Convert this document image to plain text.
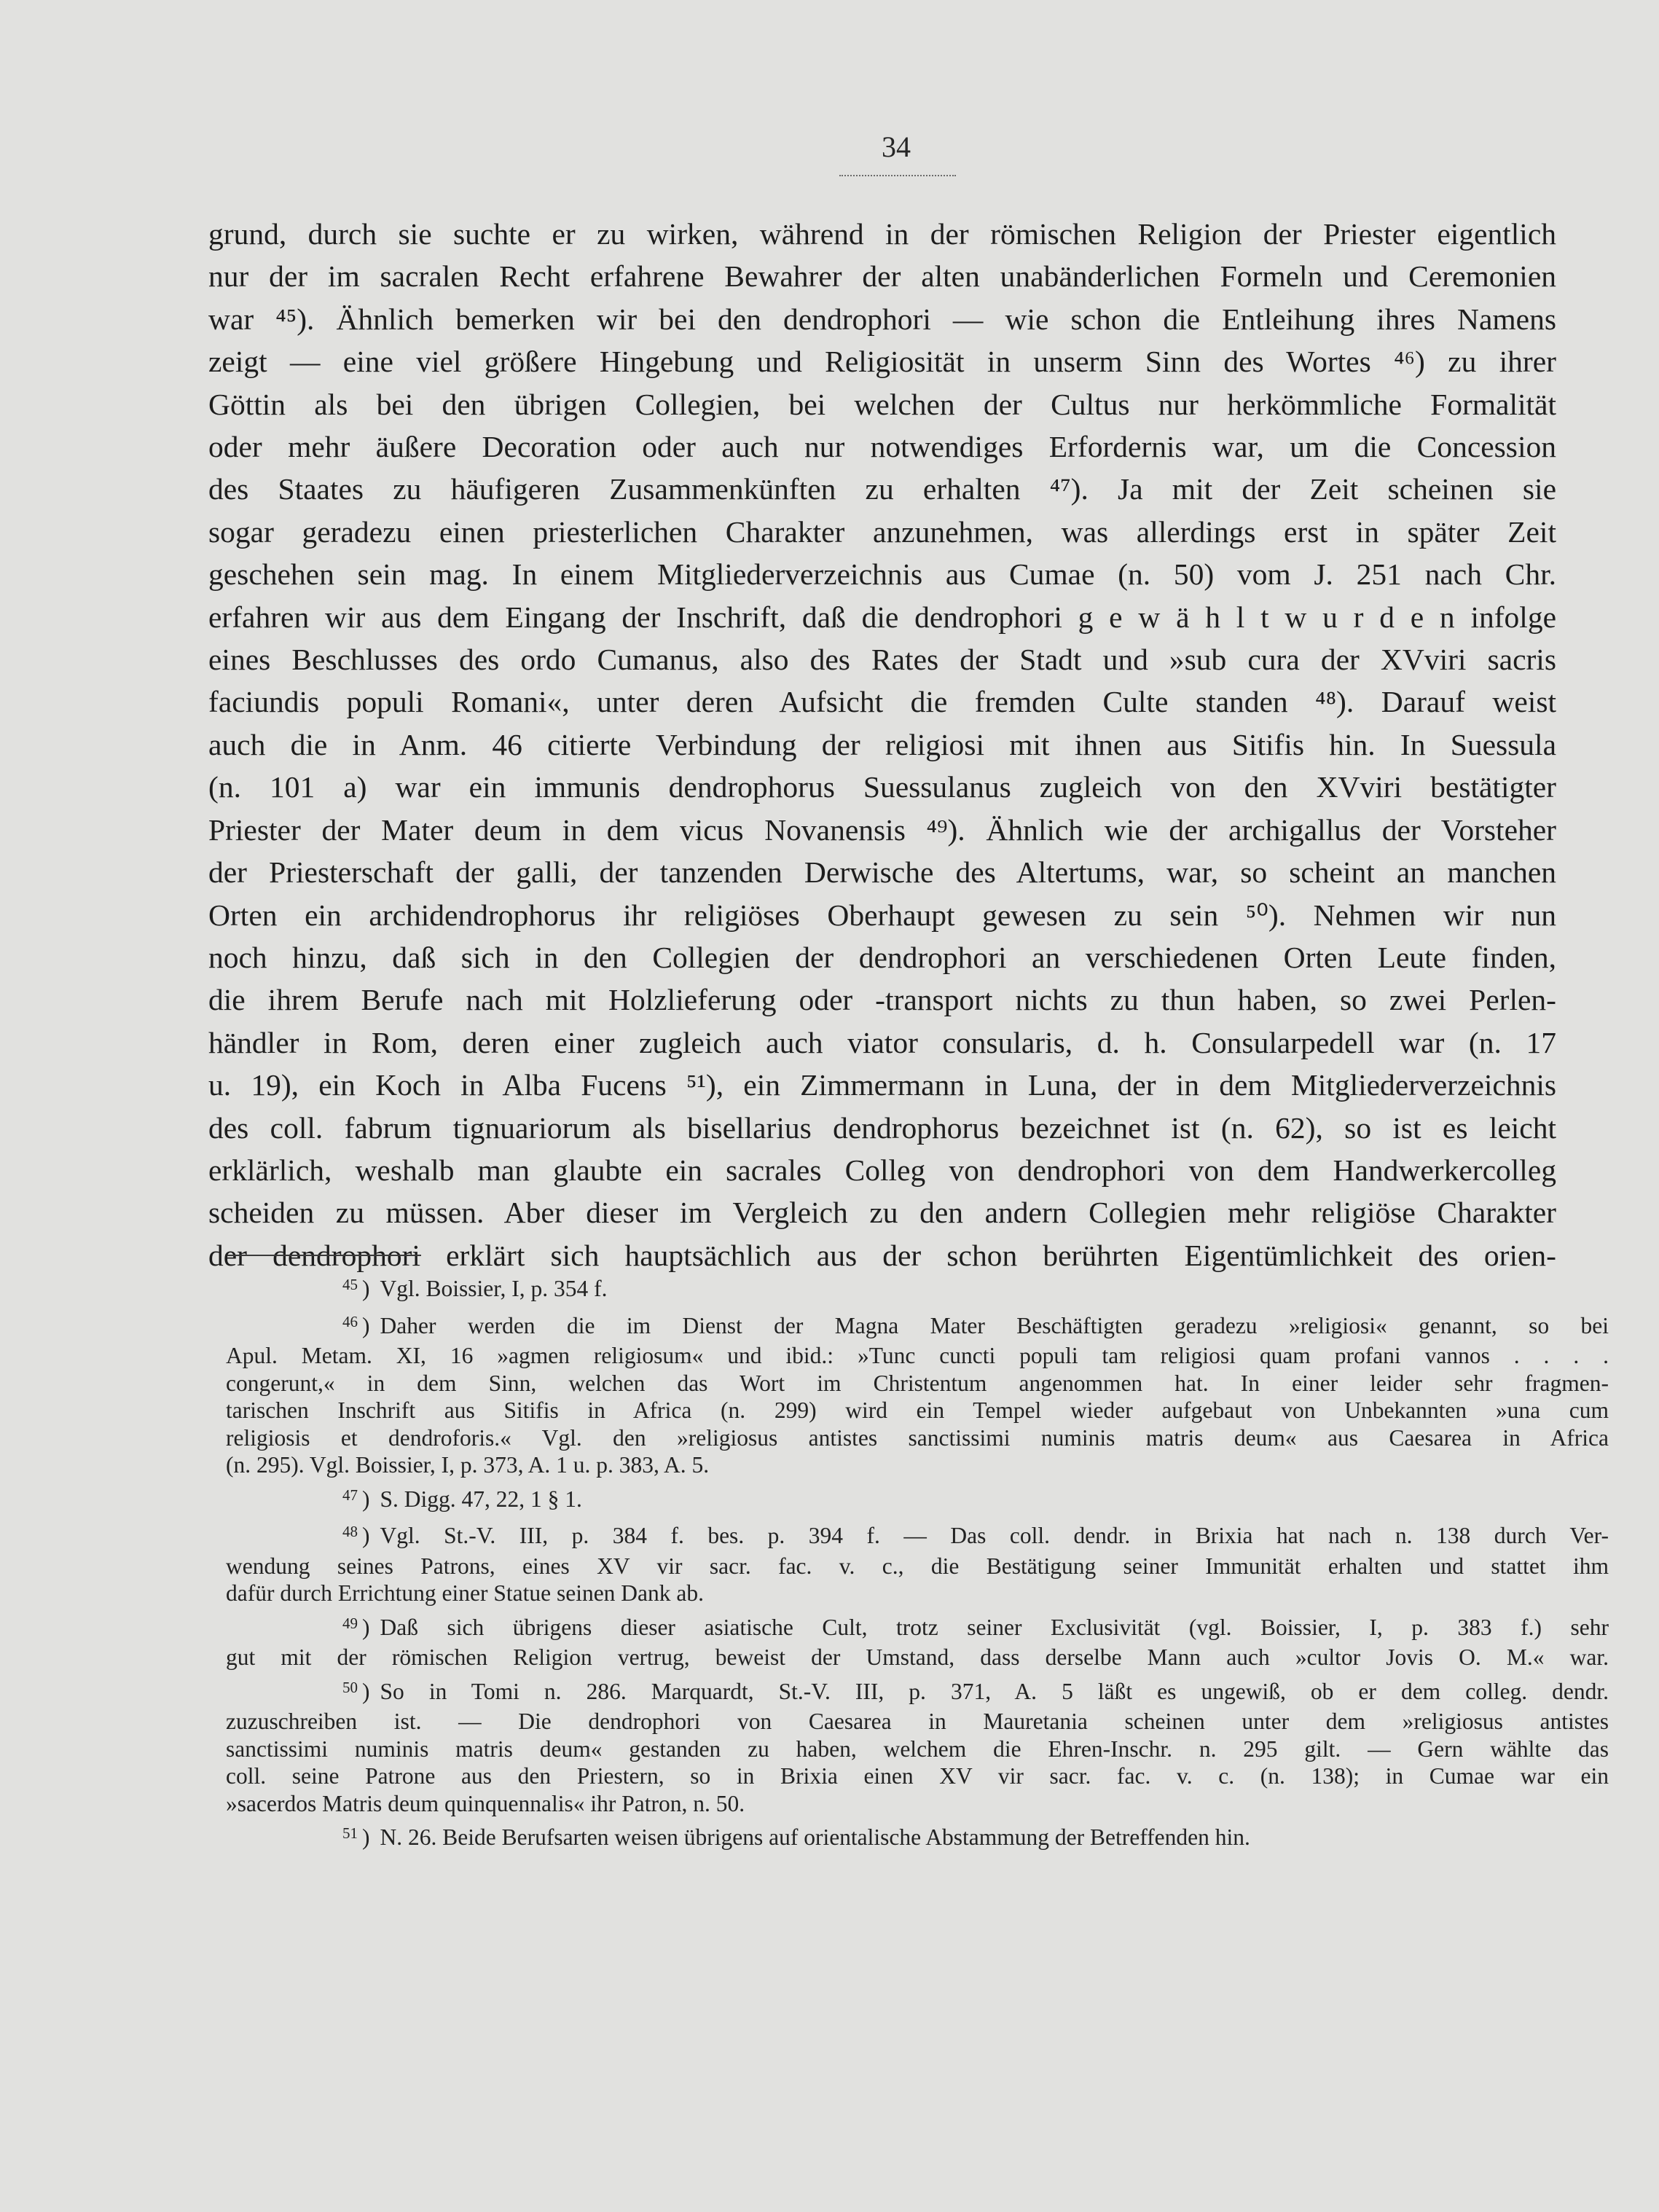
34
grund, durch sie suchte er zu wirken, während in der römischen Religion der Priester eigentlich
nur der im sacralen Recht erfahrene Bewahrer der alten unabänderlichen Formeln und Ceremonien
war ⁴⁵). Ähnlich bemerken wir bei den dendrophori — wie schon die Entleihung ihres Namens
zeigt — eine viel größere Hingebung und Religiosität in unserm Sinn des Wortes ⁴⁶) zu ihrer
Göttin als bei den übrigen Collegien, bei welchen der Cultus nur herkömmliche Formalität
oder mehr äußere Decoration oder auch nur notwendiges Erfordernis war, um die Concession
des Staates zu häufigeren Zusammenkünften zu erhalten ⁴⁷). Ja mit der Zeit scheinen sie
sogar geradezu einen priesterlichen Charakter anzunehmen, was allerdings erst in später Zeit
geschehen sein mag. In einem Mitgliederverzeichnis aus Cumae (n. 50) vom J. 251 nach Chr.
erfahren wir aus dem Eingang der Inschrift, daß die dendrophori g e w ä h l t w u r d e n infolge
eines Beschlusses des ordo Cumanus, also des Rates der Stadt und »sub cura der XVviri sacris
faciundis populi Romani«, unter deren Aufsicht die fremden Culte standen ⁴⁸). Darauf weist
auch die in Anm. 46 citierte Verbindung der religiosi mit ihnen aus Sitifis hin. In Suessula
(n. 101 a) war ein immunis dendrophorus Suessulanus zugleich von den XVviri bestätigter
Priester der Mater deum in dem vicus Novanensis ⁴⁹). Ähnlich wie der archigallus der Vorsteher
der Priesterschaft der galli, der tanzenden Derwische des Altertums, war, so scheint an manchen
Orten ein archidendrophorus ihr religiöses Oberhaupt gewesen zu sein ⁵⁰). Nehmen wir nun
noch hinzu, daß sich in den Collegien der dendrophori an verschiedenen Orten Leute finden,
die ihrem Berufe nach mit Holzlieferung oder -transport nichts zu thun haben, so zwei Perlen-
händler in Rom, deren einer zugleich auch viator consularis, d. h. Consularpedell war (n. 17
u. 19), ein Koch in Alba Fucens ⁵¹), ein Zimmermann in Luna, der in dem Mitgliederverzeichnis
des coll. fabrum tignuariorum als bisellarius dendrophorus bezeichnet ist (n. 62), so ist es leicht
erklärlich, weshalb man glaubte ein sacrales Colleg von dendrophori von dem Handwerkercolleg
scheiden zu müssen. Aber dieser im Vergleich zu den andern Collegien mehr religiöse Charakter
der dendrophori erklärt sich hauptsächlich aus der schon berührten Eigentümlichkeit des orien-
$^{45}$ ) Vgl. Boissier, I, p. 354 f.
$^{46}$ ) Daher werden die im Dienst der Magna Mater Beschäftigten geradezu »religiosi« genannt, so bei
Apul. Metam. XI, 16 »agmen religiosum« und ibid.: »Tunc cuncti populi tam religiosi quam profani vannos . . . .
congerunt,« in dem Sinn, welchen das Wort im Christentum angenommen hat. In einer leider sehr fragmen-
tarischen Inschrift aus Sitifis in Africa (n. 299) wird ein Tempel wieder aufgebaut von Unbekannten »una cum
religiosis et dendroforis.« Vgl. den »religiosus antistes sanctissimi numinis matris deum« aus Caesarea in Africa
(n. 295). Vgl. Boissier, I, p. 373, A. 1 u. p. 383, A. 5.
$^{47}$ ) S. Digg. 47, 22, 1 § 1.
$^{48}$ ) Vgl. St.-V. III, p. 384 f. bes. p. 394 f. — Das coll. dendr. in Brixia hat nach n. 138 durch Ver-
wendung seines Patrons, eines XV vir sacr. fac. v. c., die Bestätigung seiner Immunität erhalten und stattet ihm
dafür durch Errichtung einer Statue seinen Dank ab.
$^{49}$ ) Daß sich übrigens dieser asiatische Cult, trotz seiner Exclusivität (vgl. Boissier, I, p. 383 f.) sehr
gut mit der römischen Religion vertrug, beweist der Umstand, dass derselbe Mann auch »cultor Jovis O. M.« war.
$^{50}$ ) So in Tomi n. 286. Marquardt, St.-V. III, p. 371, A. 5 läßt es ungewiß, ob er dem colleg. dendr.
zuzuschreiben ist. — Die dendrophori von Caesarea in Mauretania scheinen unter dem »religiosus antistes
sanctissimi numinis matris deum« gestanden zu haben, welchem die Ehren-Inschr. n. 295 gilt. — Gern wählte das
coll. seine Patrone aus den Priestern, so in Brixia einen XV vir sacr. fac. v. c. (n. 138); in Cumae war ein
»sacerdos Matris deum quinquennalis« ihr Patron, n. 50.
$^{51}$ ) N. 26. Beide Berufsarten weisen übrigens auf orientalische Abstammung der Betreffenden hin.
